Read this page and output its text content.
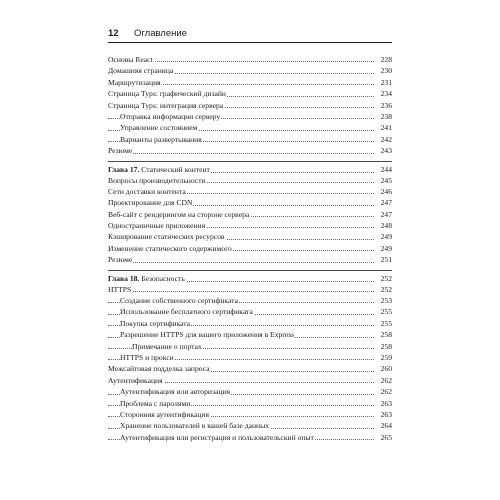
12 Оглавление
Основы React	228
Домашняя страница	230
Маршрутизация	231
Страница Турѕ: графический дизайн	234
Страница Турѕ: интеграция сервера	236
Отправка информации серверу	238
Управление состоянием	241
Варианты развертывания	242
Резюме	243
Глава 17. Статический контент	244
Вопросы производительности	245
Сети доставки контента	246
Проектирование для CDN	247
Веб-сайт с рендерингом на стороне сервера	247
Одностраничные приложения	248
Кэширование статических ресурсов	249
Изменение статического содержимого	249
Резюме	251
Глава 18. Безопасность	252
HTTPS	252
Создание собственного сертификата	253
Использование бесплатного сертификата	255
Покупка сертификата	255
Разрешение HTTPS для вашего приложения в Express	258
Примечание о портах	258
HTTPS и прокси	259
Межсайтовая подделка запроса	260
Аутентификация	262
Аутентификация или авторизация	262
Проблема с паролями	263
Сторонняя аутентификация	263
Хранение пользователей в вашей базе данных	264
Аутентификация или регистрация и пользовательский опыт	265
